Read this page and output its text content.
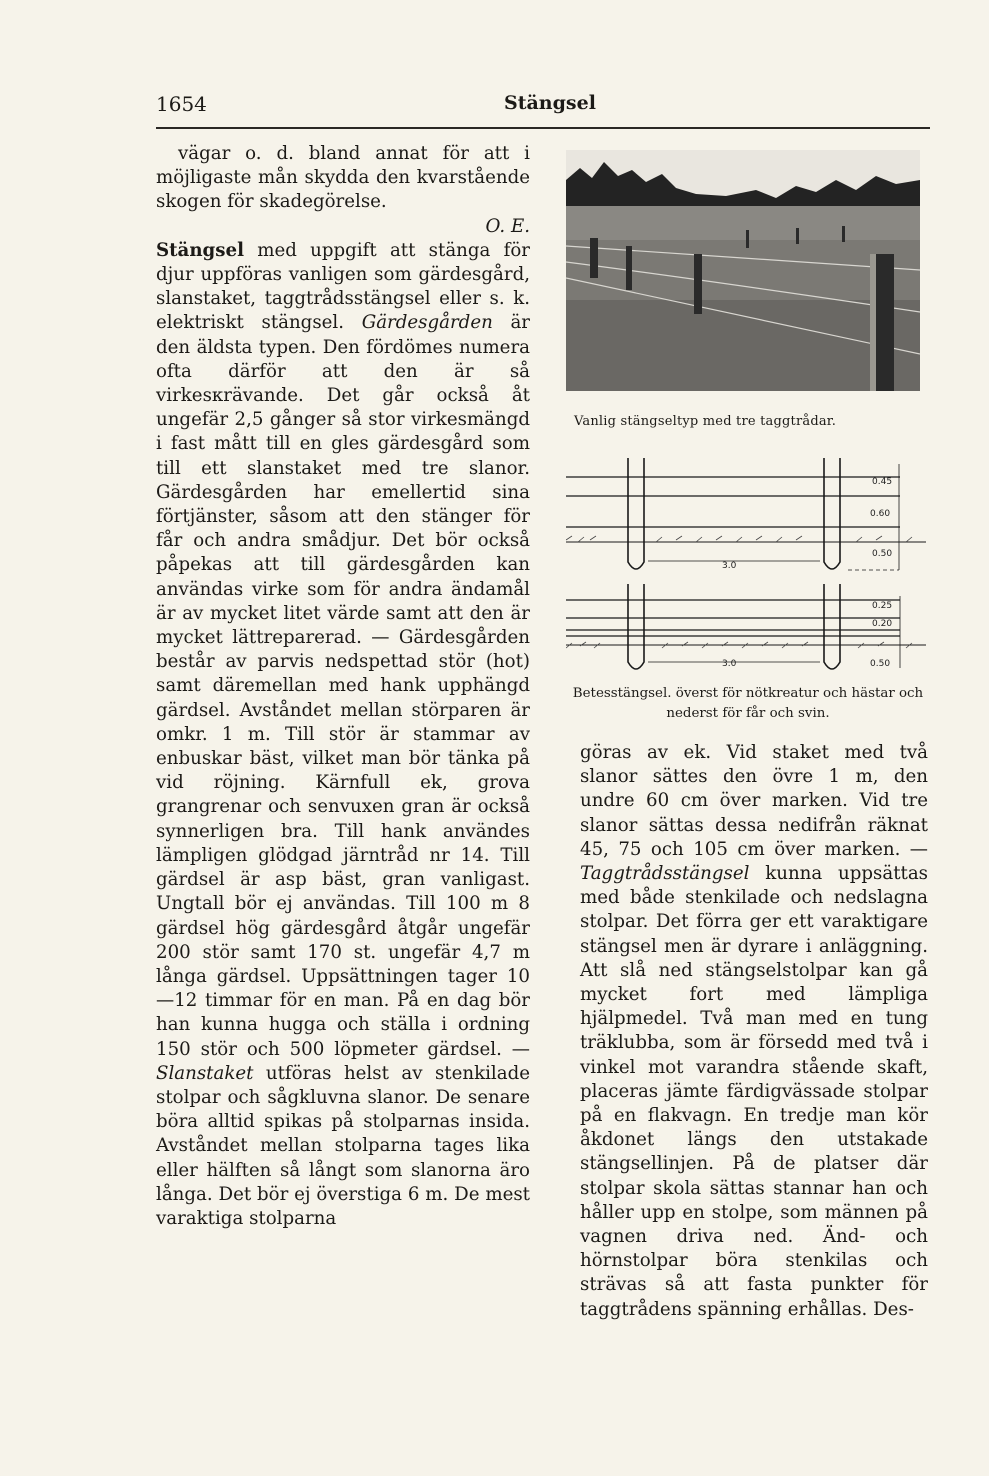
1654	Stängsel

vägar o. d. bland annat för att i möjligaste mån skydda den kvarstående skogen för skadegörelse.
O. E.

Stängsel med uppgift att stänga för djur uppföras vanligen som gärdesgård, slanstaket, taggtrådsstängsel eller s. k. elektriskt stängsel. Gärdesgården är den äldsta typen. Den fördömes numera ofta därför att den är så virkesкrävande. Det går också åt ungefär 2,5 gånger så stor virkesmängd i fast mått till en gles gärdesgård som till ett slanstaket med tre slanor. Gärdesgården har emellertid sina förtjänster, såsom att den stänger för får och andra smådjur. Det bör också påpekas att till gärdesgården kan användas virke som för andra ändamål är av mycket litet värde samt att den är mycket lättreparerad. — Gärdesgården består av parvis nedspettad stör (hot) samt däremellan med hank upphängd gärdsel. Avståndet mellan störparen är omkr. 1 m. Till stör är stammar av enbuskar bäst, vilket man bör tänka på vid röjning. Kärnfull ek, grova grangrenar och senvuxen gran är också synnerligen bra. Till hank användes lämpligen glödgad järntråd nr 14. Till gärdsel är asp bäst, gran vanligast. Ungtall bör ej användas. Till 100 m 8 gärdsel hög gärdesgård åtgår ungefär 200 stör samt 170 st. ungefär 4,7 m långa gärdsel. Uppsättningen tager 10—12 timmar för en man. På en dag bör han kunna hugga och ställa i ordning 150 stör och 500 löpmeter gärdsel. — Slanstaket utföras helst av stenkilade stolpar och sågkluvna slanor. De senare böra alltid spikas på stolparnas insida. Avståndet mellan stolparna tages lika eller hälften så långt som slanorna äro långa. Det bör ej överstiga 6 m. De mest varaktiga stolparna

Vanlig stängseltyp med tre taggtrådar.
3.0
0.45
0.60
0.50
3.0
0.25
0.20
0.50
Betesstängsel. överst för nötkreatur och hästar och nederst för får och svin.

göras av ek. Vid staket med två slanor sättes den övre 1 m, den undre 60 cm över marken. Vid tre slanor sättas dessa nedifrån räknat 45, 75 och 105 cm över marken. — Taggtrådsstängsel kunna uppsättas med både stenkilade och nedslagna stolpar. Det förra ger ett varaktigare stängsel men är dyrare i anläggning. Att slå ned stängselstolpar kan gå mycket fort med lämpliga hjälpmedel. Två man med en tung träklubba, som är försedd med två i vinkel mot varandra stående skaft, placeras jämte färdigvässade stolpar på en flakvagn. En tredje man kör åkdonet längs den utstakade stängsellinjen. På de platser där stolpar skola sättas stannar han och håller upp en stolpe, som männen på vagnen driva ned. Änd- och hörnstolpar böra stenkilas och strävas så att fasta punkter för taggtrådens spänning erhållas. Des-
